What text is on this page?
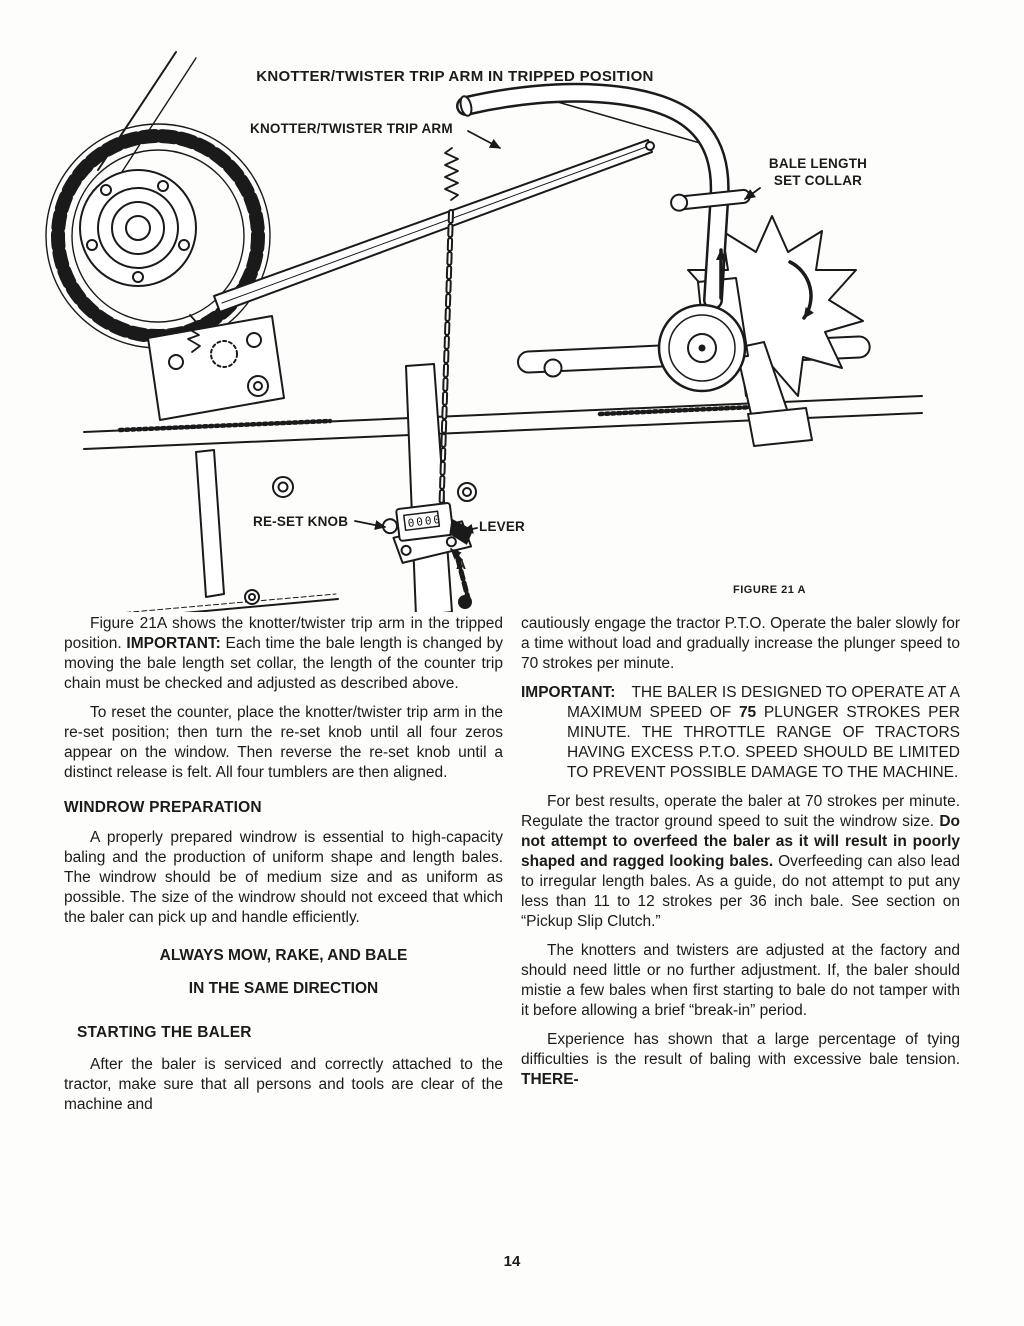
0000
KNOTTER/TWISTER TRIP ARM IN TRIPPED POSITION
KNOTTER/TWISTER TRIP ARM
BALE LENGTH
SET COLLAR
RE-SET KNOB	LEVER
A
FIGURE 21 A

Figure 21A shows the knotter/twister trip arm in the tripped position. IMPORTANT: Each time the bale length is changed by moving the bale length set collar, the length of the counter trip chain must be checked and adjusted as described above.

To reset the counter, place the knotter/twister trip arm in the re-set position; then turn the re-set knob until all four zeros appear on the window. Then reverse the re-set knob until a distinct release is felt. All four tumblers are then aligned.

WINDROW PREPARATION

A properly prepared windrow is essential to high-capacity baling and the production of uniform shape and length bales. The windrow should be of medium size and as uniform as possible. The size of the windrow should not exceed that which the baler can pick up and handle efficiently.

ALWAYS MOW, RAKE, AND BALE
IN THE SAME DIRECTION
STARTING THE BALER

After the baler is serviced and correctly attached to the tractor, make sure that all persons and tools are clear of the machine and

cautiously engage the tractor P.T.O. Operate the baler slowly for a time without load and gradually increase the plunger speed to 70 strokes per minute.

IMPORTANT: THE BALER IS DESIGNED TO OPERATE AT A MAXIMUM SPEED OF 75 PLUNGER STROKES PER MINUTE. THE THROTTLE RANGE OF TRACTORS HAVING EXCESS P.T.O. SPEED SHOULD BE LIMITED TO PREVENT POSSIBLE DAMAGE TO THE MACHINE.

For best results, operate the baler at 70 strokes per minute. Regulate the tractor ground speed to suit the windrow size. Do not attempt to overfeed the baler as it will result in poorly shaped and ragged looking bales. Overfeeding can also lead to irregular length bales. As a guide, do not attempt to put any less than 11 to 12 strokes per 36 inch bale. See section on “Pickup Slip Clutch.”

The knotters and twisters are adjusted at the factory and should need little or no further adjustment. If, the baler should mistie a few bales when first starting to bale do not tamper with it before allowing a brief “break-in” period.

Experience has shown that a large percentage of tying difficulties is the result of baling with excessive bale tension. THERE-

14
